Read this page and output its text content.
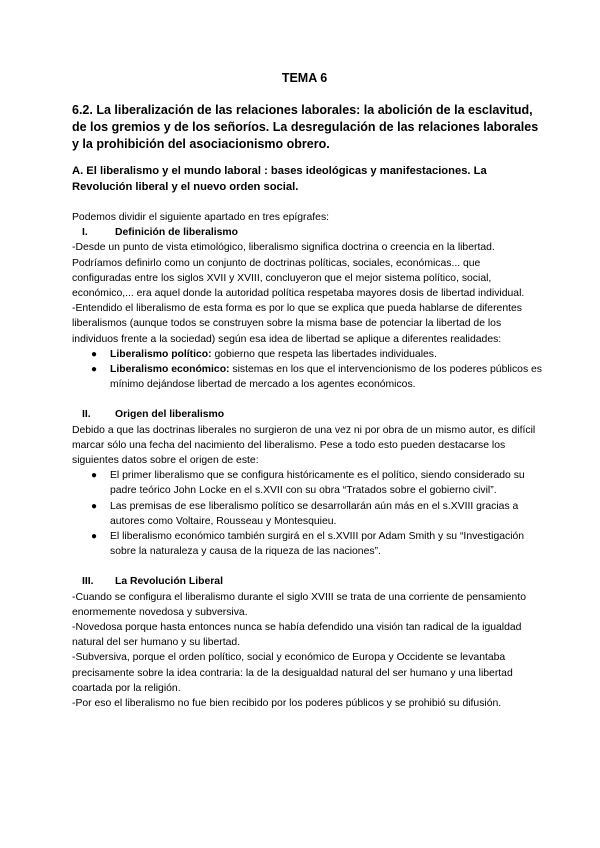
TEMA 6
6.2. La liberalización de las relaciones laborales: la abolición de la esclavitud, de los gremios y de los señoríos. La desregulación de las relaciones laborales y la prohibición del asociacionismo obrero.
A. El liberalismo y el mundo laboral : bases ideológicas y manifestaciones. La Revolución liberal y el nuevo orden social.

Podemos dividir el siguiente apartado en tres epígrafes:

I.	Definición de liberalismo

-Desde un punto de vista etimológico, liberalismo significa doctrina o creencia en la libertad. Podríamos definirlo como un conjunto de doctrinas políticas, sociales, económicas... que configuradas entre los siglos XVII y XVIII, concluyeron que el mejor sistema político, social, económico,... era aquel donde la autoridad política respetaba mayores dosis de libertad individual.

-Entendido el liberalismo de esta forma es por lo que se explica que pueda hablarse de diferentes liberalismos (aunque todos se construyen sobre la misma base de potenciar la libertad de los individuos frente a la sociedad) según esa idea de libertad se aplique a diferentes realidades:

● Liberalismo político: gobierno que respeta las libertades individuales.
● Liberalismo económico: sistemas en los que el intervencionismo de los poderes públicos es mínimo dejándose libertad de mercado a los agentes económicos.

II. Origen del liberalismo

Debido a que las doctrinas liberales no surgieron de una vez ni por obra de un mismo autor, es difícil marcar sólo una fecha del nacimiento del liberalismo. Pese a todo esto pueden destacarse los siguientes datos sobre el origen de este:

● El primer liberalismo que se configura históricamente es el político, siendo considerado su padre teórico John Locke en el s.XVII con su obra “Tratados sobre el gobierno civil”.
● Las premisas de ese liberalismo político se desarrollarán aún más en el s.XVIII gracias a autores como Voltaire, Rousseau y Montesquieu.
● El liberalismo económico también surgirá en el s.XVIII por Adam Smith y su “Investigación sobre la naturaleza y causa de la riqueza de las naciones”.

III. La Revolución Liberal

-Cuando se configura el liberalismo durante el siglo XVIII se trata de una corriente de pensamiento enormemente novedosa y subversiva.

-Novedosa porque hasta entonces nunca se había defendido una visión tan radical de la igualdad natural del ser humano y su libertad.

-Subversiva, porque el orden político, social y económico de Europa y Occidente se levantaba precisamente sobre la idea contraria: la de la desigualdad natural del ser humano y una libertad coartada por la religión.

-Por eso el liberalismo no fue bien recibido por los poderes públicos y se prohibió su difusión.
